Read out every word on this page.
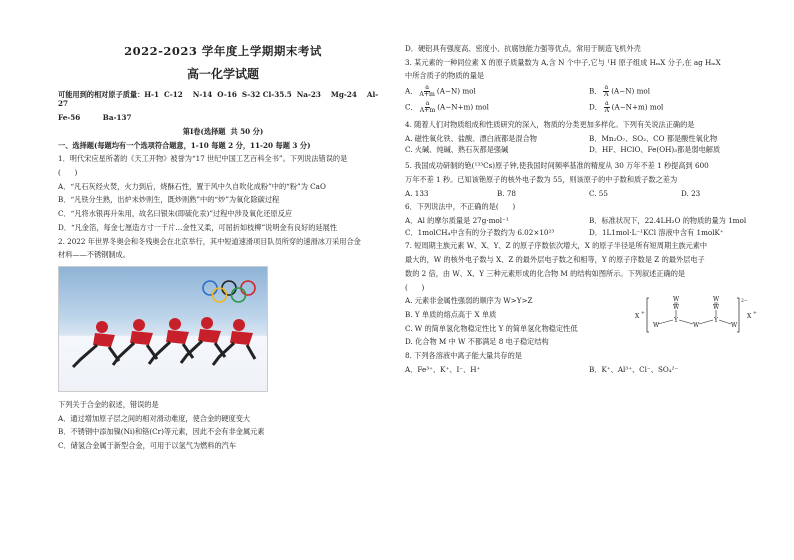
2022-2023 学年度上学期期末考试
高一化学试题
可能用到的相对原子质量：H-1  C-12    N-14  O-16  S-32 Cl-35.5  Na-23    Mg-24    Al-27
Fe-56         Ba-137
第Ⅰ卷(选择题  共 50 分)
一、选择题(每题均有一个选项符合题意，1-10 每题 2 分，11-20 每题 3 分)
1．明代宋应星所著的《天工开物》被誉为“17 世纪中国工艺百科全书”。下列说法错误的是
(      )
A．“凡石灰经火焚，火力到后，烧酥石性，置于风中久自吹化成粉”中的“粉”为 CaO
B．“凡铁分生熟，出炉未炒则生，既炒则熟”中的“炒”为氧化除碳过程
C．“凡将水银再升朱用，故名曰银朱(即硫化汞)”过程中涉及氧化还原反应
D．“凡金箔，每金七厘造方寸一千片…金性又柔，可屈折如枝柳”说明金有良好的延展性
2. 2022 年世界冬奥会和冬残奥会在北京举行，其中短道速滑项目队员所穿的速滑冰刀采用合金
材料——不锈钢制成。
下列关于合金的叙述，错误的是
A．通过增加原子层之间的相对滑动难度，使合金的硬度变大
B．不锈钢中添加镍(Ni)和铬(Cr)等元素，因此不会有非金属元素
C．储氢合金属于新型合金，可用于以氢气为燃料的汽车
D．硬铝具有强度高、密度小、抗腐蚀能力强等优点，常用于制造飞机外壳
3. 某元素的一种同位素 X 的原子质量数为 A,含 N 个中子,它与 ¹H 原子组成 HₘX 分子,在 ag HₘX
中所含质子的物质的量是
A． $\frac{a}{A+m} (A-N)$ mol	B． $\frac{a}{A} (A-N)$ mol
C． $\frac{a}{A+m} (A-N+m)$ mol	D． $\frac{a}{A} (A-N+m)$ mol
4. 随着人们对物质组成和性质研究的深入，物质的分类更加多样化。下列有关说法正确的是
A. 磁性氧化铁、盐酸、漂白液都是混合物	B．Mn₂O₇、SO₂、CO 都是酸性氧化物
C. 火碱、纯碱、熟石灰都是强碱	D．HF、HClO、Fe(OH)₃都是弱电解质
5. 我国成功研制的铯(¹³³Cs)原子钟,使我国时间频率基准的精度从 30 万年不差 1 秒提高到 600
万年不差 1 秒。已知该铯原子的核外电子数为 55，则该原子的中子数和质子数之差为
A. 133	B. 78	C. 55	D. 23
6．下列说法中，不正确的是(      )
A．Al 的摩尔质量是 27g·mol⁻¹	B．标准状况下，22.4LH₂O 的物质的量为 1mol
C．1molCH₄中含有的分子数约为 6.02×10²³	D．1L1mol·L⁻¹KCl 溶液中含有 1molK⁺
7. 短周期主族元素 W、X、Y、Z 的原子序数依次增大，X 的原子半径是所有短周期主族元素中
最大的，W 的核外电子数与 X、Z 的最外层电子数之和相等，Y 的原子序数是 Z 的最外层电子
数的 2 倍，由 W、X、Y 三种元素形成的化合物 M 的结构如图所示。下列叙述正确的是
(      )
A. 元素非金属性强弱的顺序为 W>Y>Z
B. Y 单质的熔点高于 X 单质
C. W 的简单氢化物稳定性比 Y 的简单氢化物稳定性低
D. 化合物 M 中 W 不都满足 8 电子稳定结构
X +
2−
X +
W	W
W	W
W
Y
W
Y
W
8. 下列各溶液中离子能大量共存的是
A．Fe³⁺、K⁺、I⁻、H⁺	B．K⁺、Al³⁺、Cl⁻、SO₄²⁻
